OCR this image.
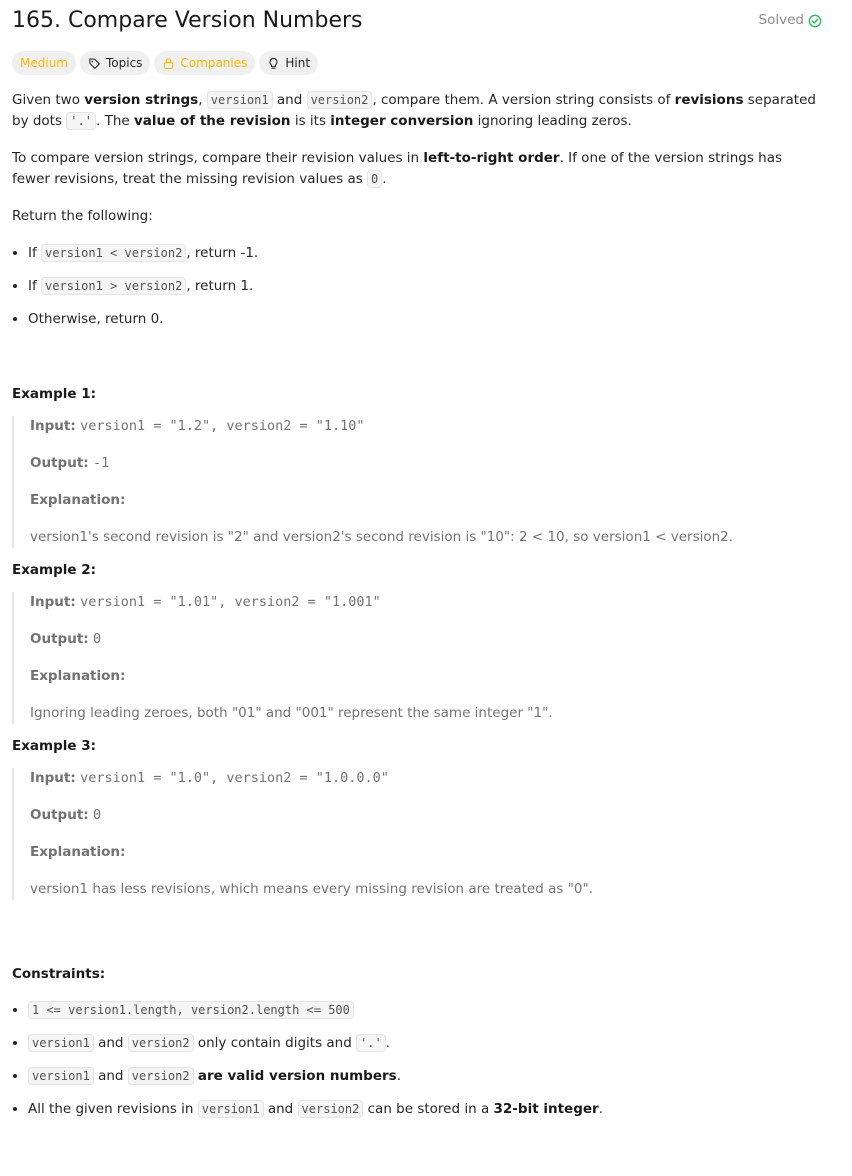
165. Compare Version Numbers	Solved
Medium	Topics	Companies	Hint

Given two version strings, version1 and version2 , compare them. A version string consists of revisions separated by dots '.' . The value of the revision is its integer conversion ignoring leading zeros.

To compare version strings, compare their revision values in left-to-right order. If one of the version strings has fewer revisions, treat the missing revision values as 0 .

Return the following:

• If version1 < version2 , return -1.
• If version1 > version2 , return 1.
• Otherwise, return 0.

Example 1:

Input: version1 = "1.2", version2 = "1.10"

Output: -1

Explanation:

version1's second revision is "2" and version2's second revision is "10": 2 < 10, so version1 < version2.

Example 2:

Input: version1 = "1.01", version2 = "1.001"

Output: 0

Explanation:

Ignoring leading zeroes, both "01" and "001" represent the same integer "1".

Example 3:

Input: version1 = "1.0", version2 = "1.0.0.0"

Output: 0

Explanation:

version1 has less revisions, which means every missing revision are treated as "0".

Constraints:

• 1 <= version1.length, version2.length <= 500
• version1 and version2 only contain digits and '.' .
• version1 and version2 are valid version numbers.
• All the given revisions in version1 and version2 can be stored in a 32-bit integer.
